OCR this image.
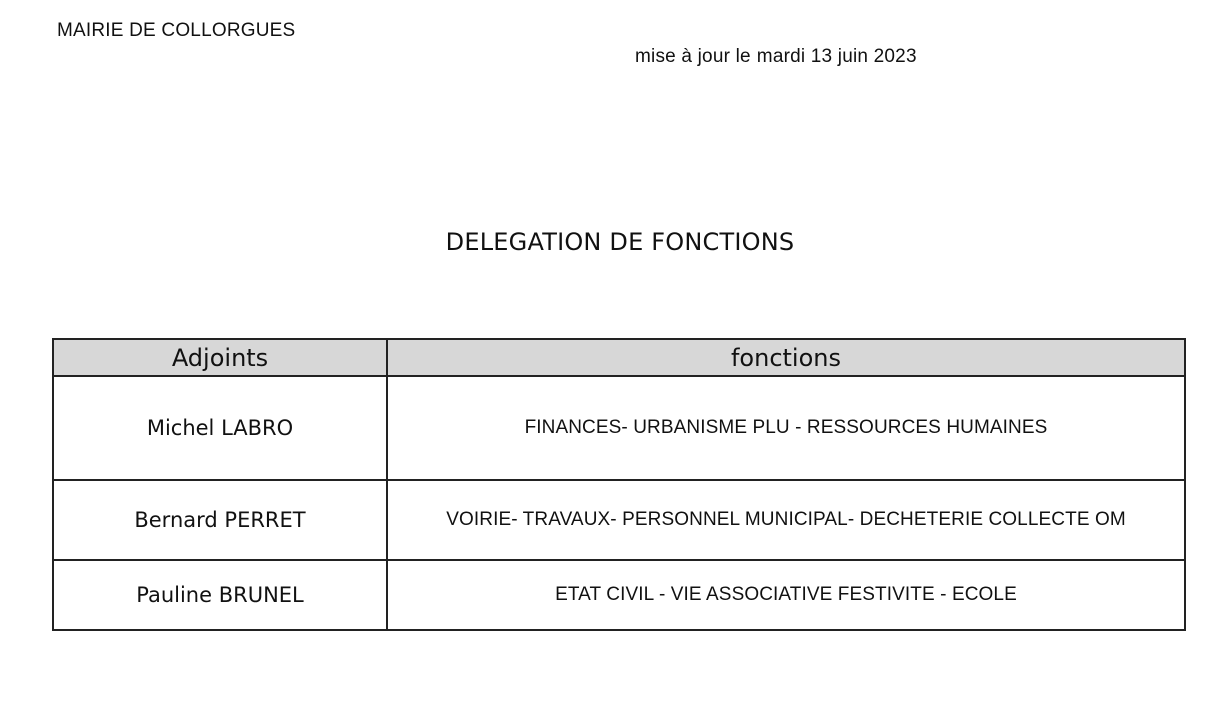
MAIRIE DE COLLORGUES
mise à jour le mardi 13 juin 2023
DELEGATION DE FONCTIONS
Adjoints	fonctions
Michel LABRO	FINANCES- URBANISME PLU - RESSOURCES HUMAINES
Bernard PERRET	VOIRIE- TRAVAUX- PERSONNEL MUNICIPAL- DECHETERIE COLLECTE OM
Pauline BRUNEL	ETAT CIVIL - VIE ASSOCIATIVE FESTIVITE - ECOLE
